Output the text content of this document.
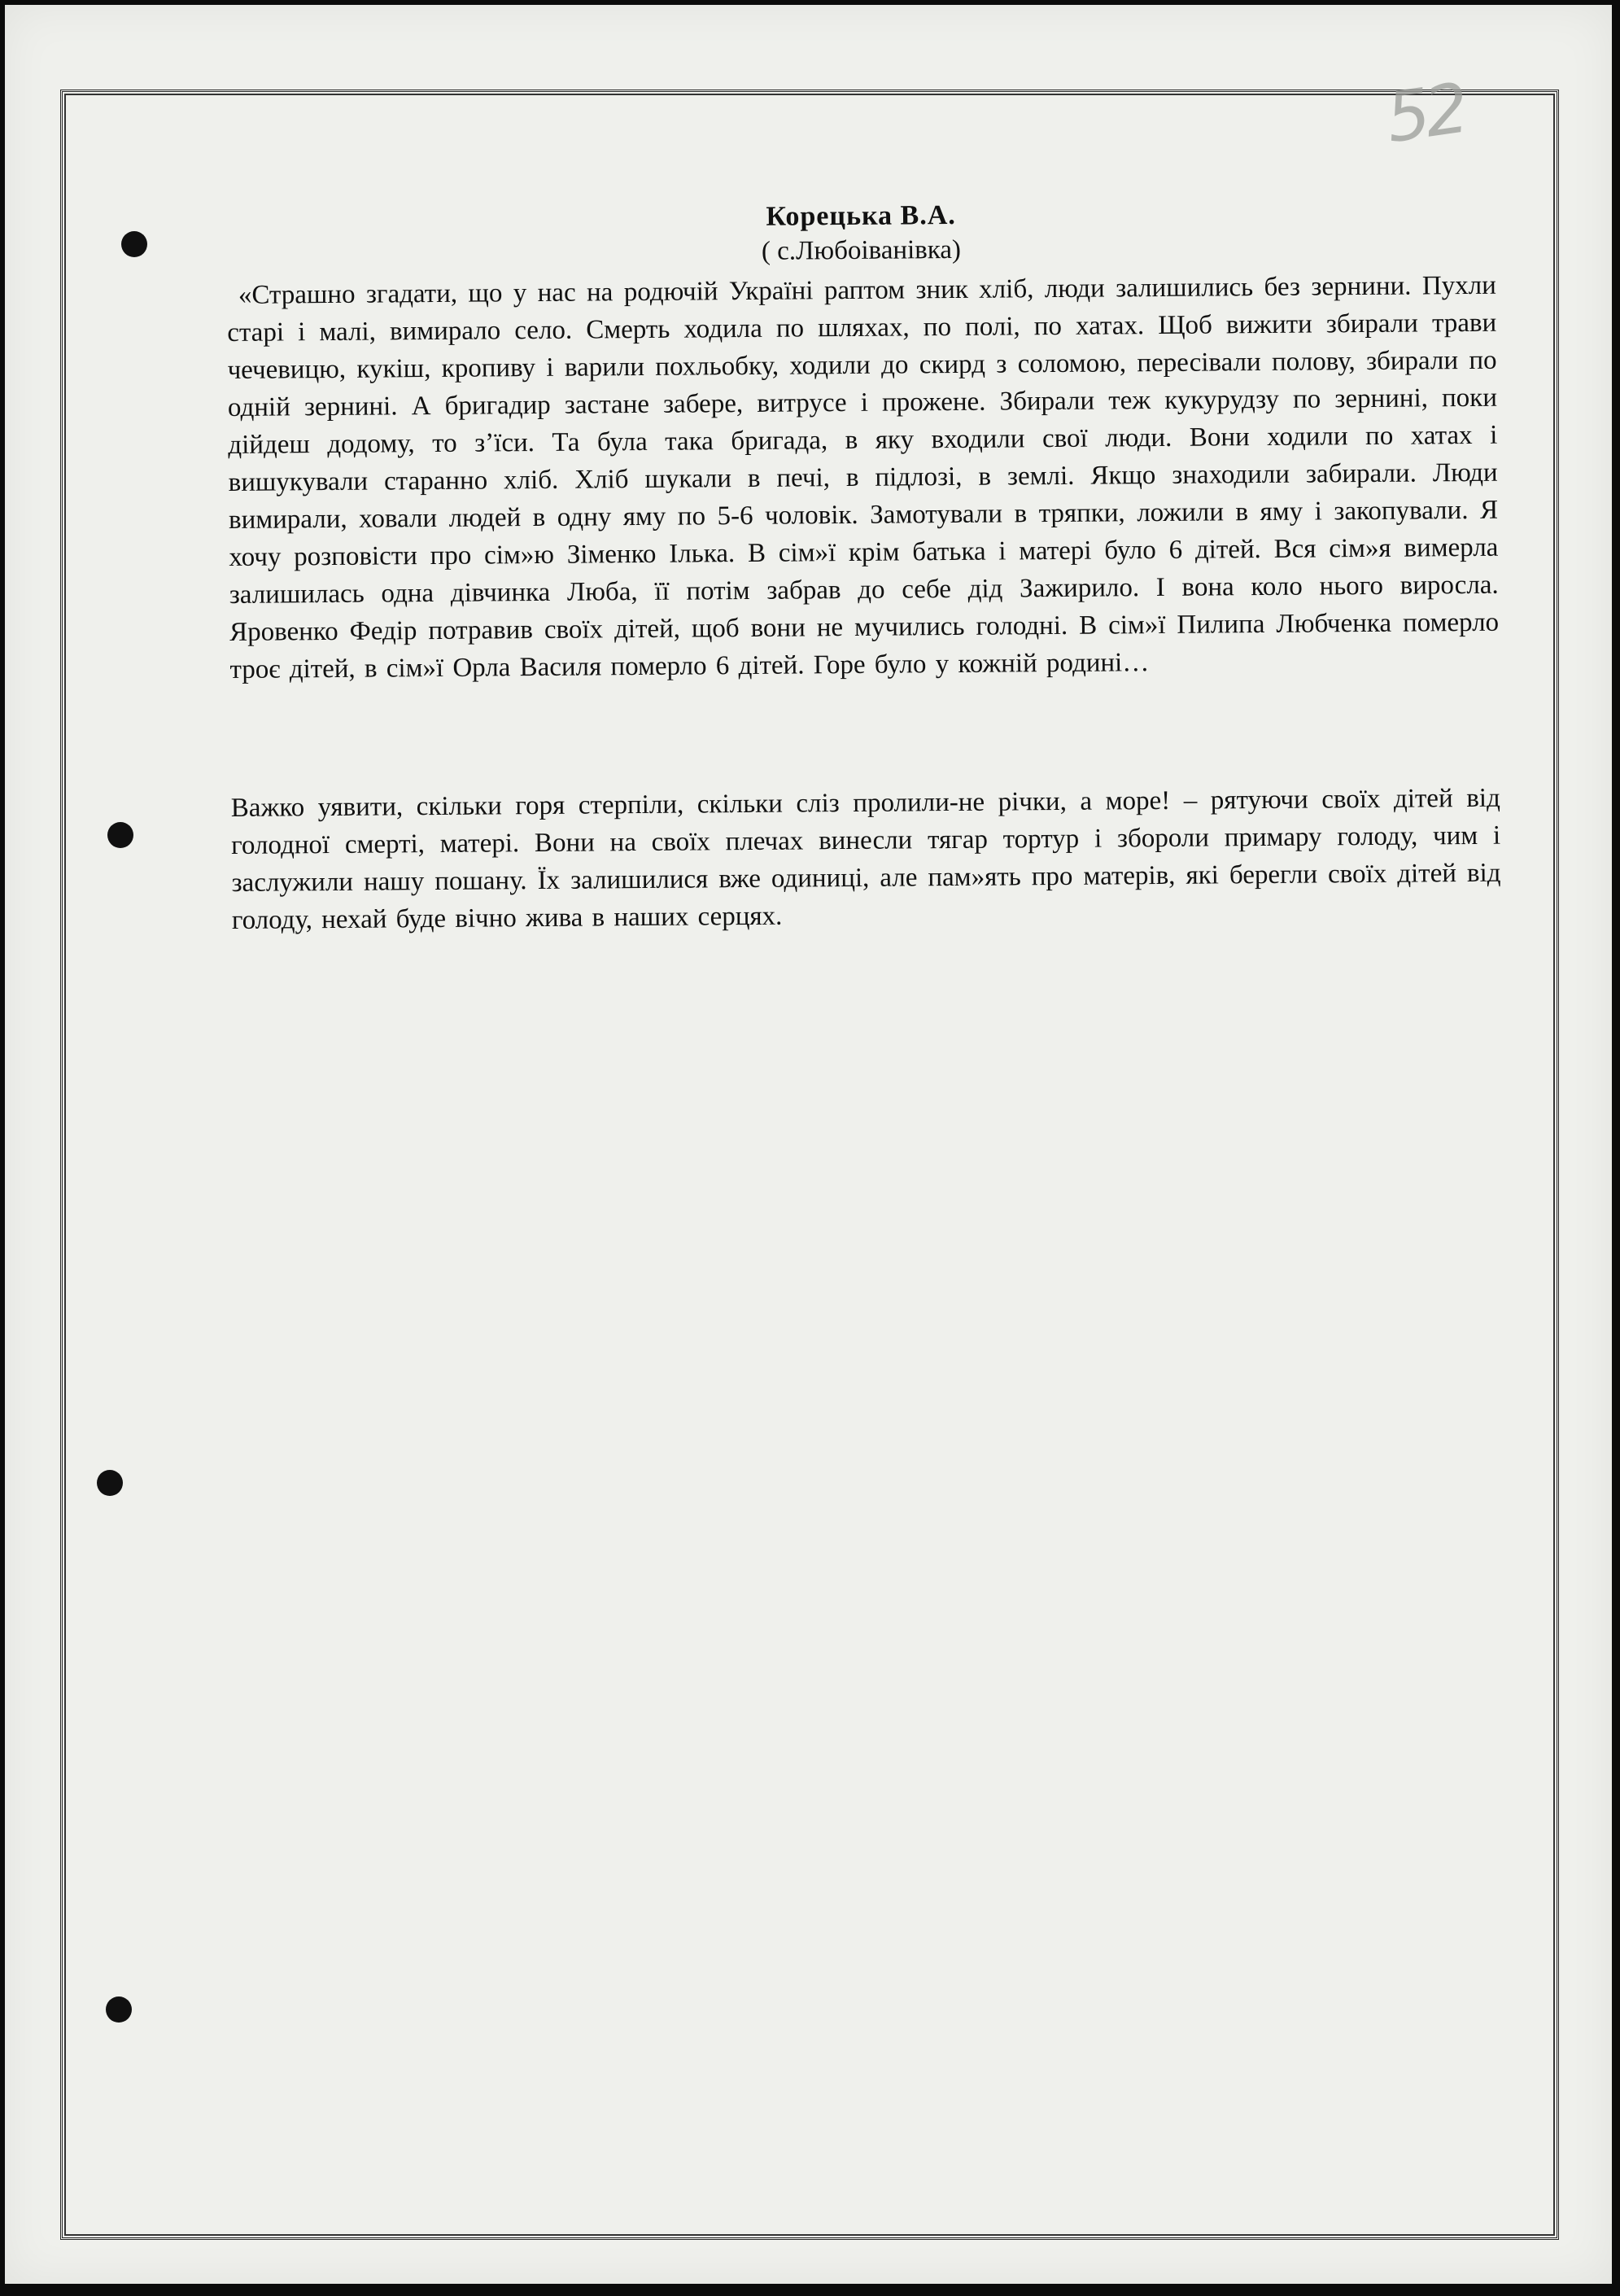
52

Корецька В.А.

( с.Любоіванівка)

«Страшно згадати, що у нас на родючій Україні раптом зник хліб, люди залишились без зернини. Пухли старі і малі, вимирало село. Смерть ходила по шляхах, по полі, по хатах. Щоб вижити збирали трави чечевицю, кукіш, кропиву і варили похльобку, ходили до скирд з соломою, пересівали полову, збирали по одній зернині. А бригадир застане забере, витрусе і прожене. Збирали теж кукурудзу по зернині, поки дійдеш додому, то з’їси. Та була така бригада, в яку входили свої люди. Вони ходили по хатах і вишукували старанно хліб. Хліб шукали в печі, в підлозі, в землі. Якщо знаходили забирали. Люди вимирали, ховали людей в одну яму по 5-6 чоловік. Замотували в тряпки, ложили в яму і закопували. Я хочу розповісти про сім»ю Зіменко Ілька. В сім»ї крім батька і матері було 6 дітей. Вся сім»я вимерла залишилась одна дівчинка Люба, її потім забрав до себе дід Зажирило. І вона коло нього виросла. Яровенко Федір потравив своїх дітей, щоб вони не мучились голодні. В сім»ї Пилипа Любченка померло троє дітей, в сім»ї Орла Василя померло 6 дітей. Горе було у кожній родині…

Важко уявити, скільки горя стерпіли, скільки сліз пролили-не річки, а море! – рятуючи своїх дітей від голодної смерті, матері. Вони на своїх плечах винесли тягар тортур і збороли примару голоду, чим і заслужили нашу пошану. Їх залишилися вже одиниці, але пам»ять про матерів, які берегли своїх дітей від голоду, нехай буде вічно жива в наших серцях.
